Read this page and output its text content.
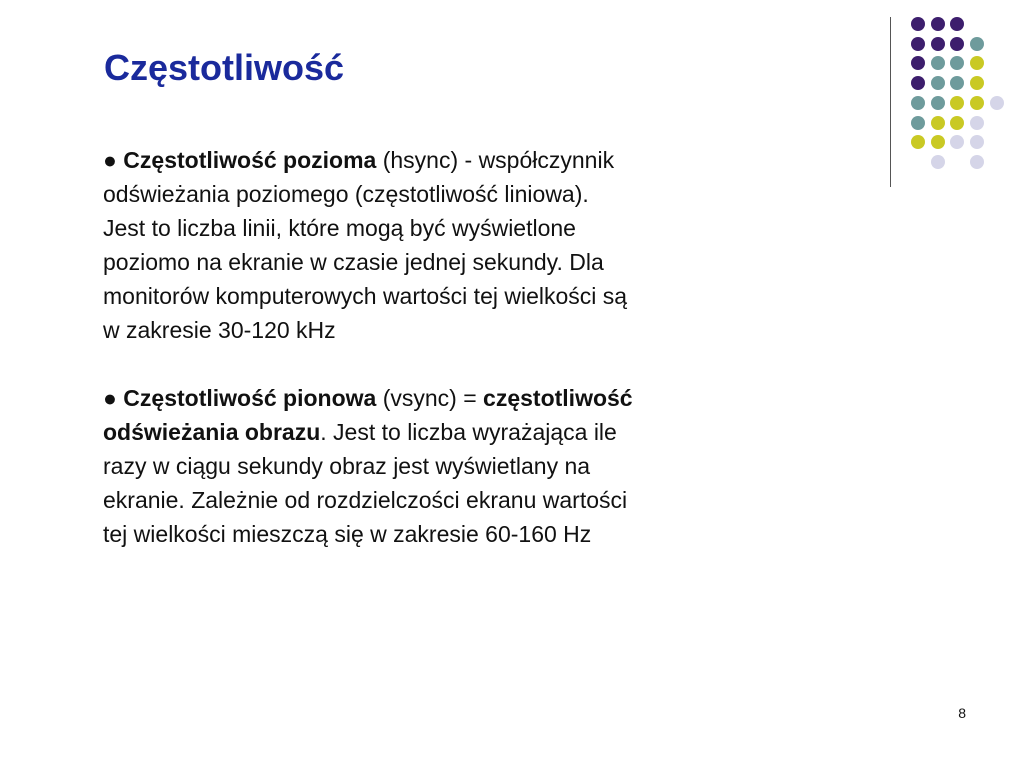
Częstotliwość

● Częstotliwość pozioma (hsync) - współczynnik
odświeżania poziomego (częstotliwość liniowa).
Jest to liczba linii, które mogą być wyświetlone
poziomo na ekranie w czasie jednej sekundy. Dla
monitorów komputerowych wartości tej wielkości są
w zakresie 30-120 kHz

● Częstotliwość pionowa (vsync) = częstotliwość
odświeżania obrazu. Jest to liczba wyrażająca ile
razy w ciągu sekundy obraz jest wyświetlany na
ekranie. Zależnie od rozdzielczości ekranu wartości
tej wielkości mieszczą się w zakresie 60-160 Hz

8
